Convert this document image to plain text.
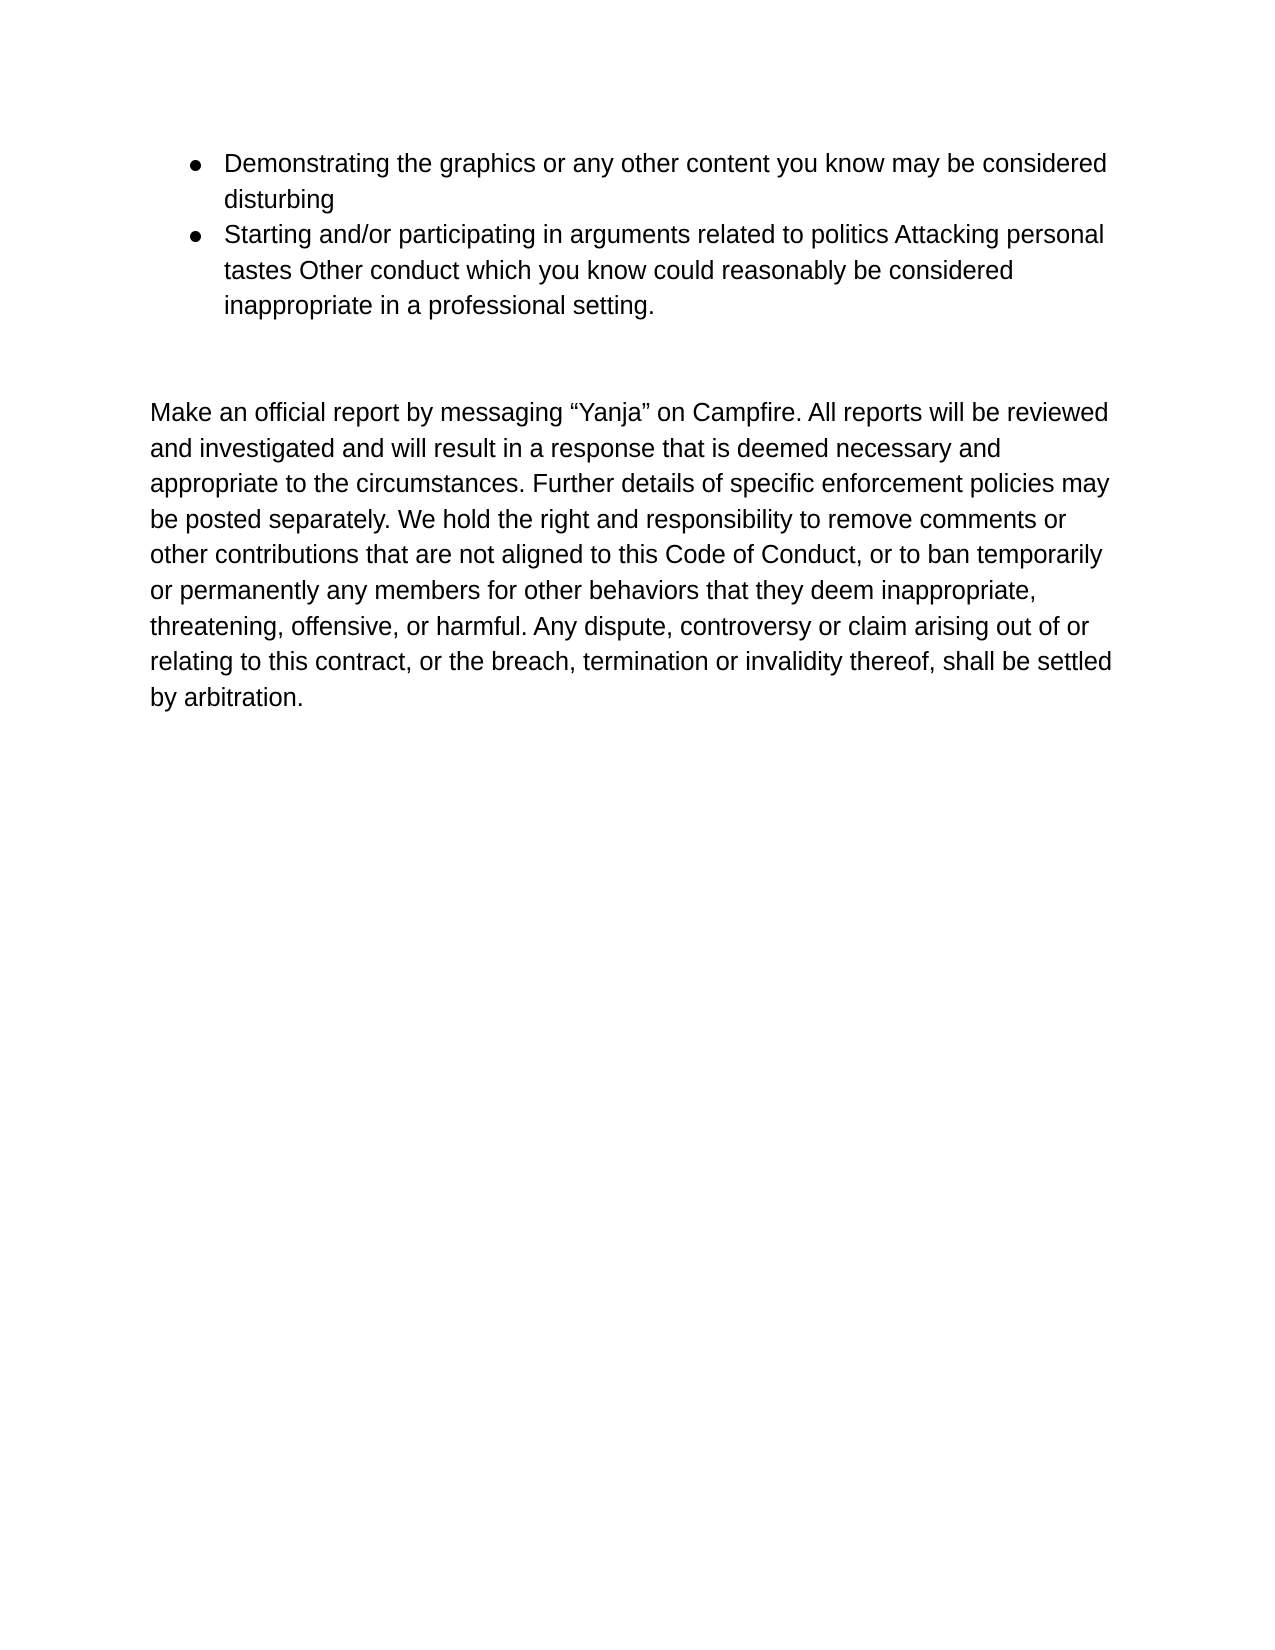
Demonstrating the graphics or any other content you know may be considered disturbing
Starting and/or participating in arguments related to politics Attacking personal tastes Other conduct which you know could reasonably be considered inappropriate in a professional setting.

Make an official report by messaging “Yanja” on Campfire. All reports will be reviewed and investigated and will result in a response that is deemed necessary and appropriate to the circumstances. Further details of specific enforcement policies may be posted separately. We hold the right and responsibility to remove comments or other contributions that are not aligned to this Code of Conduct, or to ban temporarily or permanently any members for other behaviors that they deem inappropriate, threatening, offensive, or harmful. Any dispute, controversy or claim arising out of or relating to this contract, or the breach, termination or invalidity thereof, shall be settled by arbitration.
